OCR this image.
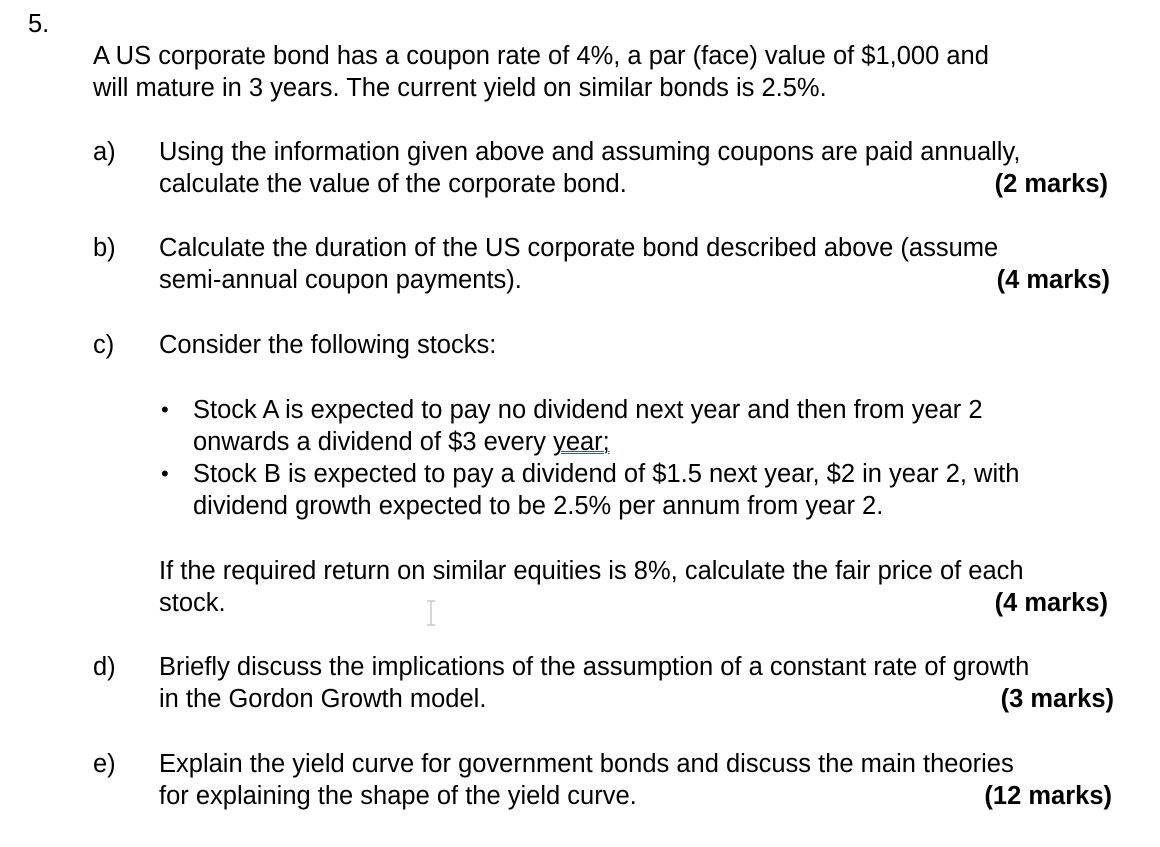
5.
A US corporate bond has a coupon rate of 4%, a par (face) value of $1,000 and
will mature in 3 years. The current yield on similar bonds is 2.5%.
a) Using the information given above and assuming coupons are paid annually,
calculate the value of the corporate bond.	(2 marks)
b) Calculate the duration of the US corporate bond described above (assume
semi-annual coupon payments).	(4 marks)
c) Consider the following stocks:
• Stock A is expected to pay no dividend next year and then from year 2
onwards a dividend of $3 every year;
• Stock B is expected to pay a dividend of $1.5 next year, $2 in year 2, with
dividend growth expected to be 2.5% per annum from year 2.
If the required return on similar equities is 8%, calculate the fair price of each
stock.	(4 marks)
d) Briefly discuss the implications of the assumption of a constant rate of growth
in the Gordon Growth model.	(3 marks)
e) Explain the yield curve for government bonds and discuss the main theories
for explaining the shape of the yield curve.	(12 marks)
